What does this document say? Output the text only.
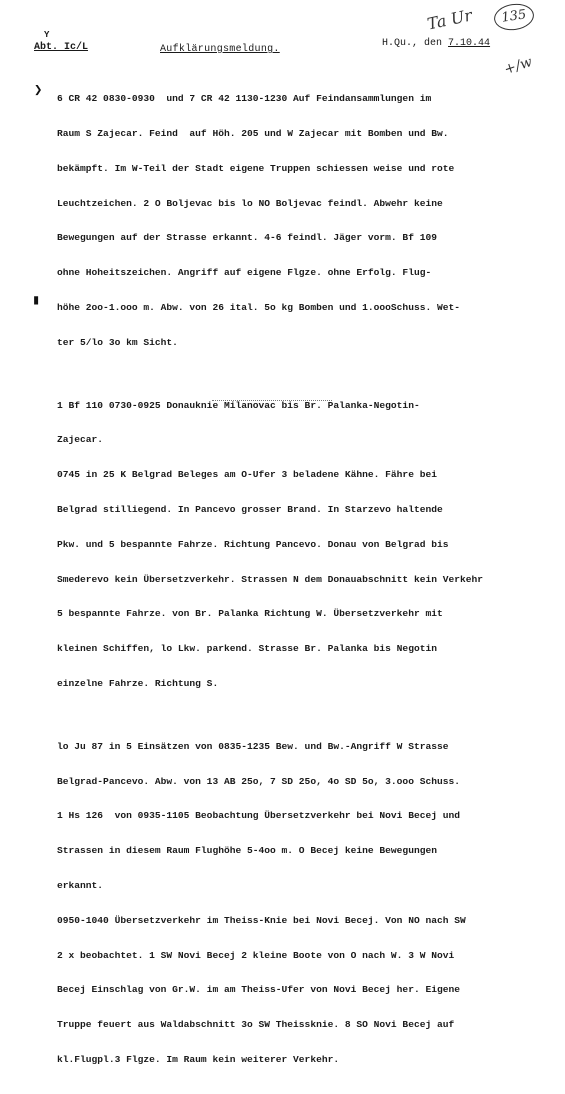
Y
Abt. Ic/L	Aufklärungsmeldung.
H.Qu., den 7.10.44
Ta Ur	135
+/w
❯
▮

6 CR 42 0830-0930  und 7 CR 42 1130-1230 Auf Feindansammlungen im

Raum S Zajecar. Feind  auf Höh. 205 und W Zajecar mit Bomben und Bw.

bekämpft. Im W-Teil der Stadt eigene Truppen schiessen weise und rote

Leuchtzeichen. 2 O Boljevac bis lo NO Boljevac feindl. Abwehr keine

Bewegungen auf der Strasse erkannt. 4-6 feindl. Jäger vorm. Bf 109

ohne Hoheitszeichen. Angriff auf eigene Flgze. ohne Erfolg. Flug-

höhe 2oo-1.ooo m. Abw. von 26 ital. 5o kg Bomben und 1.oooSchuss. Wet-

ter 5/lo 3o km Sicht.

1 Bf 110 0730-0925 Donauknie Milanovac bis Br. Palanka-Negotin-

Zajecar.

0745 in 25 K Belgrad Beleges am O-Ufer 3 beladene Kähne. Fähre bei

Belgrad stilliegend. In Pancevo grosser Brand. In Starzevo haltende

Pkw. und 5 bespannte Fahrze. Richtung Pancevo. Donau von Belgrad bis

Smederevo kein Übersetzverkehr. Strassen N dem Donauabschnitt kein Verkehr

5 bespannte Fahrze. von Br. Palanka Richtung W. Übersetzverkehr mit

kleinen Schiffen, lo Lkw. parkend. Strasse Br. Palanka bis Negotin

einzelne Fahrze. Richtung S.

lo Ju 87 in 5 Einsätzen von 0835-1235 Bew. und Bw.-Angriff W Strasse

Belgrad-Pancevo. Abw. von 13 AB 25o, 7 SD 25o, 4o SD 5o, 3.ooo Schuss.

1 Hs 126  von 0935-1105 Beobachtung Übersetzverkehr bei Novi Becej und

Strassen in diesem Raum Flughöhe 5-4oo m. O Becej keine Bewegungen

erkannt.

0950-1040 Übersetzverkehr im Theiss-Knie bei Novi Becej. Von NO nach SW

2 x beobachtet. 1 SW Novi Becej 2 kleine Boote von O nach W. 3 W Novi

Becej Einschlag von Gr.W. im am Theiss-Ufer von Novi Becej her. Eigene

Truppe feuert aus Waldabschnitt 3o SW Theissknie. 8 SO Novi Becej auf

kl.Flugpl.3 Flgze. Im Raum kein weiterer Verkehr.
